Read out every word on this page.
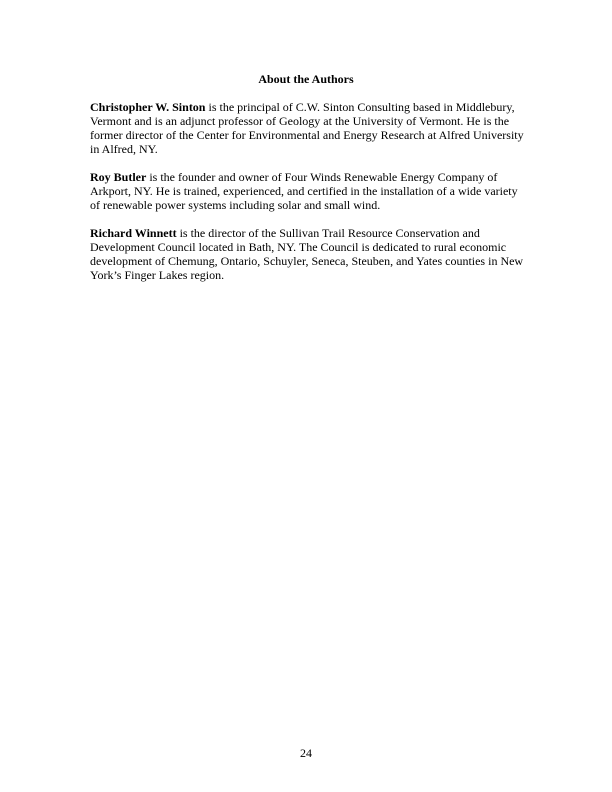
About the Authors

Christopher W. Sinton is the principal of C.W. Sinton Consulting based in Middlebury, Vermont and is an adjunct professor of Geology at the University of Vermont. He is the former director of the Center for Environmental and Energy Research at Alfred University in Alfred, NY.

Roy Butler is the founder and owner of Four Winds Renewable Energy Company of Arkport, NY. He is trained, experienced, and certified in the installation of a wide variety of renewable power systems including solar and small wind.

Richard Winnett is the director of the Sullivan Trail Resource Conservation and Development Council located in Bath, NY. The Council is dedicated to rural economic development of Chemung, Ontario, Schuyler, Seneca, Steuben, and Yates counties in New York’s Finger Lakes region.

24
